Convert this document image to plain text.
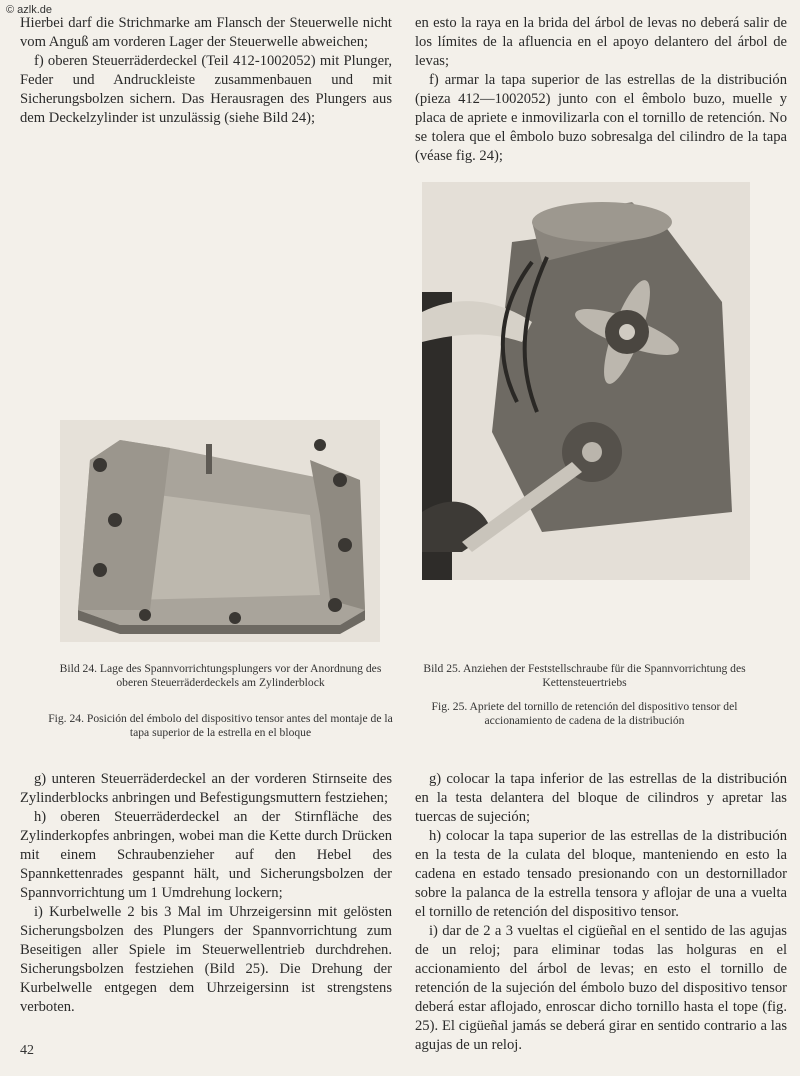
© azlk.de

Hierbei darf die Strichmarke am Flansch der Steuerwelle nicht vom Anguß am vorderen Lager der Steuerwelle abweichen;

f) oberen Steuerräderdeckel (Teil 412-1002052) mit Plunger, Feder und Andruckleiste zusammenbauen und mit Sicherungsbolzen sichern. Das Herausragen des Plungers aus dem Deckelzylinder ist unzulässig (siehe Bild 24);

en esto la raya en la brida del árbol de levas no deberá salir de los límites de la afluencia en el apoyo delantero del árbol de levas;

f) armar la tapa superior de las estrellas de la distribución (pieza 412—1002052) junto con el êmbolo buzo, muelle y placa de apriete e inmovilizarla con el tornillo de retención. No se tolera que el êmbolo buzo sobresalga del cilindro de la tapa (véase fig. 24);

Bild 24. Lage des Spannvorrichtungsplungers vor der Anordnung des oberen Steuerräderdeckels am Zylinderblock
Fig. 24. Posición del émbolo del dispositivo tensor antes del montaje de la tapa superior de la estrella en el bloque
Bild 25. Anziehen der Feststellschraube für die Spannvorrichtung des Kettensteuertriebs
Fig. 25. Apriete del tornillo de retención del dispositivo tensor del accionamiento de cadena de la distribución

g) unteren Steuerräderdeckel an der vorderen Stirnseite des Zylinderblocks anbringen und Befestigungsmuttern festziehen;

h) oberen Steuerräderdeckel an der Stirnfläche des Zylinderkopfes anbringen, wobei man die Kette durch Drücken mit einem Schraubenzieher auf den Hebel des Spannkettenrades gespannt hält, und Sicherungsbolzen der Spannvorrichtung um 1 Umdrehung lockern;

i) Kurbelwelle 2 bis 3 Mal im Uhrzeigersinn mit gelösten Sicherungsbolzen des Plungers der Spannvorrichtung zum Beseitigen aller Spiele im Steuerwellentrieb durchdrehen. Sicherungsbolzen festziehen (Bild 25). Die Drehung der Kurbelwelle entgegen dem Uhrzeigersinn ist strengstens verboten.

g) colocar la tapa inferior de las estrellas de la distribución en la testa delantera del bloque de cilindros y apretar las tuercas de sujeción;

h) colocar la tapa superior de las estrellas de la distribución en la testa de la culata del bloque, manteniendo en esto la cadena en estado tensado presionando con un destornillador sobre la palanca de la estrella tensora y aflojar de una a vuelta el tornillo de retención del dispositivo tensor.

i) dar de 2 a 3 vueltas el cigüeñal en el sentido de las agujas de un reloj; para eliminar todas las holguras en el accionamiento del árbol de levas; en esto el tornillo de retención de la sujeción del émbolo buzo del dispositivo tensor deberá estar aflojado, enroscar dicho tornillo hasta el tope (fig. 25). El cigüeñal jamás se deberá girar en sentido contrario a las agujas de un reloj.

42
